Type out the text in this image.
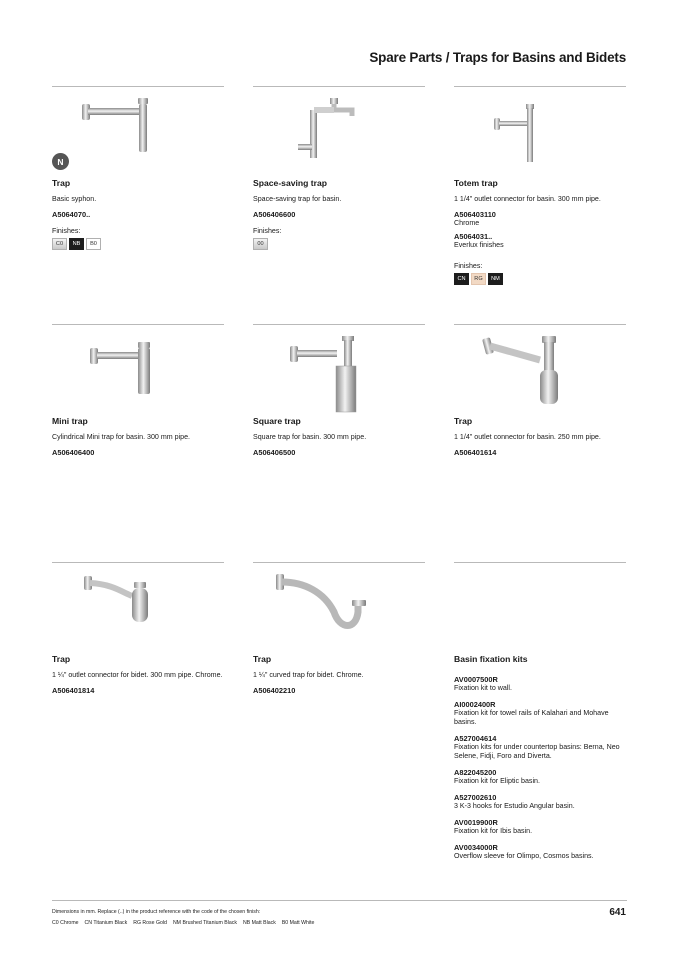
Spare Parts / Traps for Basins and Bidets
N
Trap
Basic syphon.
A5064070..
Finishes:
C0	NB	B0
Space-saving trap
Space-saving trap for basin.
A506406600
Finishes:
00
Totem trap
1 1/4" outlet connector for basin. 300 mm pipe.
A506403110
Chrome
A5064031..
Everlux finishes
Finishes:
CN	RG	NM
Mini trap
Cylindrical Mini trap for basin. 300 mm pipe.
A506406400
Square trap
Square trap for basin. 300 mm pipe.
A506406500
Trap
1 1/4" outlet connector for basin. 250 mm pipe.
A506401614
Trap
1 ¼" outlet connector for bidet. 300 mm pipe. Chrome.
A506401814
Trap
1 ¼" curved trap for bidet. Chrome.
A506402210
Basin fixation kits
AV0007500R
Fixation kit to wall.
AI0002400R
Fixation kit for towel rails of Kalahari and Mohave basins.
A527004614
Fixation kits for under countertop basins: Berna, Neo Selene, Fidji, Foro and Diverta.
A822045200
Fixation kit for Eliptic basin.
A527002610
3 K-3 hooks for Estudio Angular basin.
AV0019900R
Fixation kit for Ibis basin.
AV0034000R
Overflow sleeve for Olimpo, Cosmos basins.
Dimensions in mm. Replace (..) in the product reference with the code of the chosen finish:
C0 Chrome CN Titanium Black RG Rose Gold NM Brushed Titanium Black NB Matt Black B0 Matt White
641
